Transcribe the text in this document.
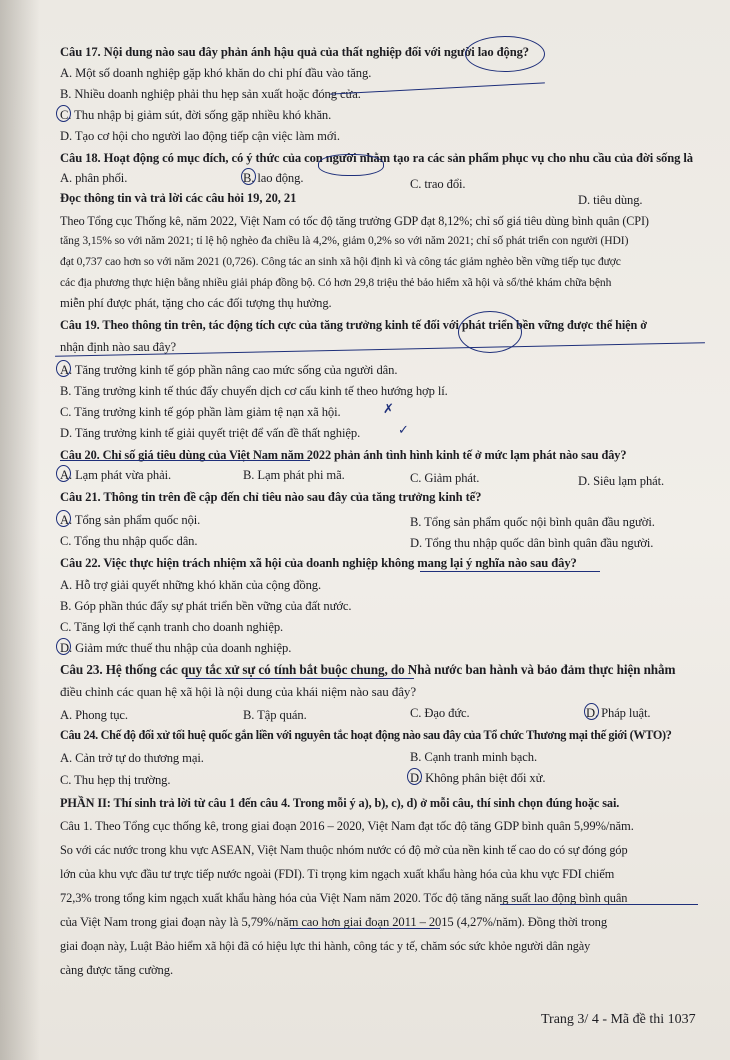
Câu 17. Nội dung nào sau đây phản ánh hậu quả của thất nghiệp đối với người lao động?
A. Một số doanh nghiệp gặp khó khăn do chi phí đầu vào tăng.
B. Nhiều doanh nghiệp phải thu hẹp sản xuất hoặc đóng cửa.
C. Thu nhập bị giảm sút, đời sống gặp nhiều khó khăn.
D. Tạo cơ hội cho người lao động tiếp cận việc làm mới.
Câu 18. Hoạt động có mục đích, có ý thức của con người nhằm tạo ra các sản phẩm phục vụ cho nhu cầu của đời sống là
A. phân phối.	B. lao động.	C. trao đổi.
D. tiêu dùng.
Đọc thông tin và trả lời các câu hỏi 19, 20, 21
Theo Tổng cục Thống kê, năm 2022, Việt Nam có tốc độ tăng trưởng GDP đạt 8,12%; chỉ số giá tiêu dùng bình quân (CPI)
tăng 3,15% so với năm 2021; tỉ lệ hộ nghèo đa chiều là 4,2%, giảm 0,2% so với năm 2021; chỉ số phát triển con người (HDI)
đạt 0,737 cao hơn so với năm 2021 (0,726). Công tác an sinh xã hội định kì và công tác giảm nghèo bền vững tiếp tục được
các địa phương thực hiện bằng nhiều giải pháp đồng bộ. Có hơn 29,8 triệu thẻ bảo hiểm xã hội và sổ/thẻ khám chữa bệnh
miễn phí được phát, tặng cho các đối tượng thụ hưởng.
Câu 19. Theo thông tin trên, tác động tích cực của tăng trưởng kinh tế đối với phát triển bền vững được thể hiện ở
nhận định nào sau đây?
A. Tăng trưởng kinh tế góp phần nâng cao mức sống của người dân.
B. Tăng trưởng kinh tế thúc đẩy chuyển dịch cơ cấu kinh tế theo hướng hợp lí.
C. Tăng trưởng kinh tế góp phần làm giảm tệ nạn xã hội.
D. Tăng trưởng kinh tế giải quyết triệt để vấn đề thất nghiệp.
Câu 20. Chỉ số giá tiêu dùng của Việt Nam năm 2022 phản ánh tình hình kinh tế ở mức lạm phát nào sau đây?
A. Lạm phát vừa phải.	B. Lạm phát phi mã.	C. Giảm phát.	D. Siêu lạm phát.
Câu 21. Thông tin trên đề cập đến chỉ tiêu nào sau đây của tăng trưởng kinh tế?
A. Tổng sản phẩm quốc nội.	B. Tổng sản phẩm quốc nội bình quân đầu người.
C. Tổng thu nhập quốc dân.	D. Tổng thu nhập quốc dân bình quân đầu người.
Câu 22. Việc thực hiện trách nhiệm xã hội của doanh nghiệp không mang lại ý nghĩa nào sau đây?
A. Hỗ trợ giải quyết những khó khăn của cộng đồng.
B. Góp phần thúc đẩy sự phát triển bền vững của đất nước.
C. Tăng lợi thế cạnh tranh cho doanh nghiệp.
D. Giảm mức thuế thu nhập của doanh nghiệp.
Câu 23. Hệ thống các quy tắc xử sự có tính bắt buộc chung, do Nhà nước ban hành và bảo đảm thực hiện nhằm
điều chỉnh các quan hệ xã hội là nội dung của khái niệm nào sau đây?
A. Phong tục.	B. Tập quán.	C. Đạo đức.	D. Pháp luật.
Câu 24. Chế độ đối xử tối huệ quốc gắn liền với nguyên tắc hoạt động nào sau đây của Tổ chức Thương mại thế giới (WTO)?
A. Cản trở tự do thương mại.	B. Cạnh tranh minh bạch.
C. Thu hẹp thị trường.	D. Không phân biệt đối xử.
PHẦN II: Thí sinh trả lời từ câu 1 đến câu 4. Trong mỗi ý a), b), c), d) ở mỗi câu, thí sinh chọn đúng hoặc sai.
Câu 1. Theo Tổng cục thống kê, trong giai đoạn 2016 – 2020, Việt Nam đạt tốc độ tăng GDP bình quân 5,99%/năm.
So với các nước trong khu vực ASEAN, Việt Nam thuộc nhóm nước có độ mở của nền kinh tế cao do có sự đóng góp
lớn của khu vực đầu tư trực tiếp nước ngoài (FDI). Tỉ trọng kim ngạch xuất khẩu hàng hóa của khu vực FDI chiếm
72,3% trong tổng kim ngạch xuất khẩu hàng hóa của Việt Nam năm 2020. Tốc độ tăng năng suất lao động bình quân
của Việt Nam trong giai đoạn này là 5,79%/năm cao hơn giai đoạn 2011 – 2015 (4,27%/năm). Đồng thời trong
giai đoạn này, Luật Bảo hiểm xã hội đã có hiệu lực thi hành, công tác y tế, chăm sóc sức khỏe người dân ngày
càng được tăng cường.
Trang 3/ 4 - Mã đề thi 1037
✗
✓
